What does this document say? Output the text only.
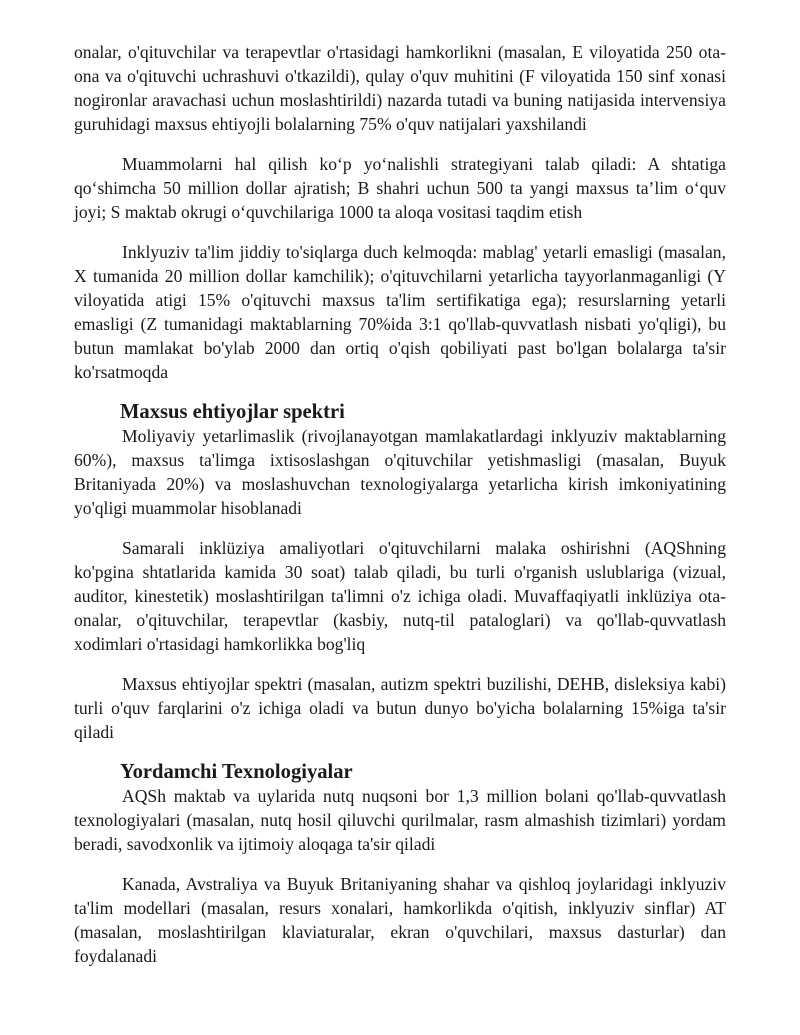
onalar, o'qituvchilar va terapevtlar o'rtasidagi hamkorlikni (masalan, E viloyatida 250 ota-ona va o'qituvchi uchrashuvi o'tkazildi), qulay o'quv muhitini (F viloyatida 150 sinf xonasi nogironlar aravachasi uchun moslashtirildi) nazarda tutadi va buning natijasida intervensiya guruhidagi maxsus ehtiyojli bolalarning 75% o'quv natijalari yaxshilandi

Muammolarni hal qilish ko‘p yo‘nalishli strategiyani talab qiladi: A shtatiga qo‘shimcha 50 million dollar ajratish; B shahri uchun 500 ta yangi maxsus ta’lim o‘quv joyi; S maktab okrugi o‘quvchilariga 1000 ta aloqa vositasi taqdim etish

Inklyuziv ta'lim jiddiy to'siqlarga duch kelmoqda: mablag' yetarli emasligi (masalan, X tumanida 20 million dollar kamchilik); o'qituvchilarni yetarlicha tayyorlanmaganligi (Y viloyatida atigi 15% o'qituvchi maxsus ta'lim sertifikatiga ega); resurslarning yetarli emasligi (Z tumanidagi maktablarning 70%ida 3:1 qo'llab-quvvatlash nisbati yo'qligi), bu butun mamlakat bo'ylab 2000 dan ortiq o'qish qobiliyati past bo'lgan bolalarga ta'sir ko'rsatmoqda

Maxsus ehtiyojlar spektri

Moliyaviy yetarlimaslik (rivojlanayotgan mamlakatlardagi inklyuziv maktablarning 60%), maxsus ta'limga ixtisoslashgan o'qituvchilar yetishmasligi (masalan, Buyuk Britaniyada 20%) va moslashuvchan texnologiyalarga yetarlicha kirish imkoniyatining yo'qligi muammolar hisoblanadi

Samarali inklüziya amaliyotlari o'qituvchilarni malaka oshirishni (AQShning ko'pgina shtatlarida kamida 30 soat) talab qiladi, bu turli o'rganish uslublariga (vizual, auditor, kinestetik) moslashtirilgan ta'limni o'z ichiga oladi. Muvaffaqiyatli inklüziya ota-onalar, o'qituvchilar, terapevtlar (kasbiy, nutq-til pataloglari) va qo'llab-quvvatlash xodimlari o'rtasidagi hamkorlikka bog'liq

Maxsus ehtiyojlar spektri (masalan, autizm spektri buzilishi, DEHB, disleksiya kabi) turli o'quv farqlarini o'z ichiga oladi va butun dunyo bo'yicha bolalarning 15%iga ta'sir qiladi

Yordamchi Texnologiyalar

AQSh maktab va uylarida nutq nuqsoni bor 1,3 million bolani qo'llab-quvvatlash texnologiyalari (masalan, nutq hosil qiluvchi qurilmalar, rasm almashish tizimlari) yordam beradi, savodxonlik va ijtimoiy aloqaga ta'sir qiladi

Kanada, Avstraliya va Buyuk Britaniyaning shahar va qishloq joylaridagi inklyuziv ta'lim modellari (masalan, resurs xonalari, hamkorlikda o'qitish, inklyuziv sinflar) AT (masalan, moslashtirilgan klaviaturalar, ekran o'quvchilari, maxsus dasturlar) dan foydalanadi
